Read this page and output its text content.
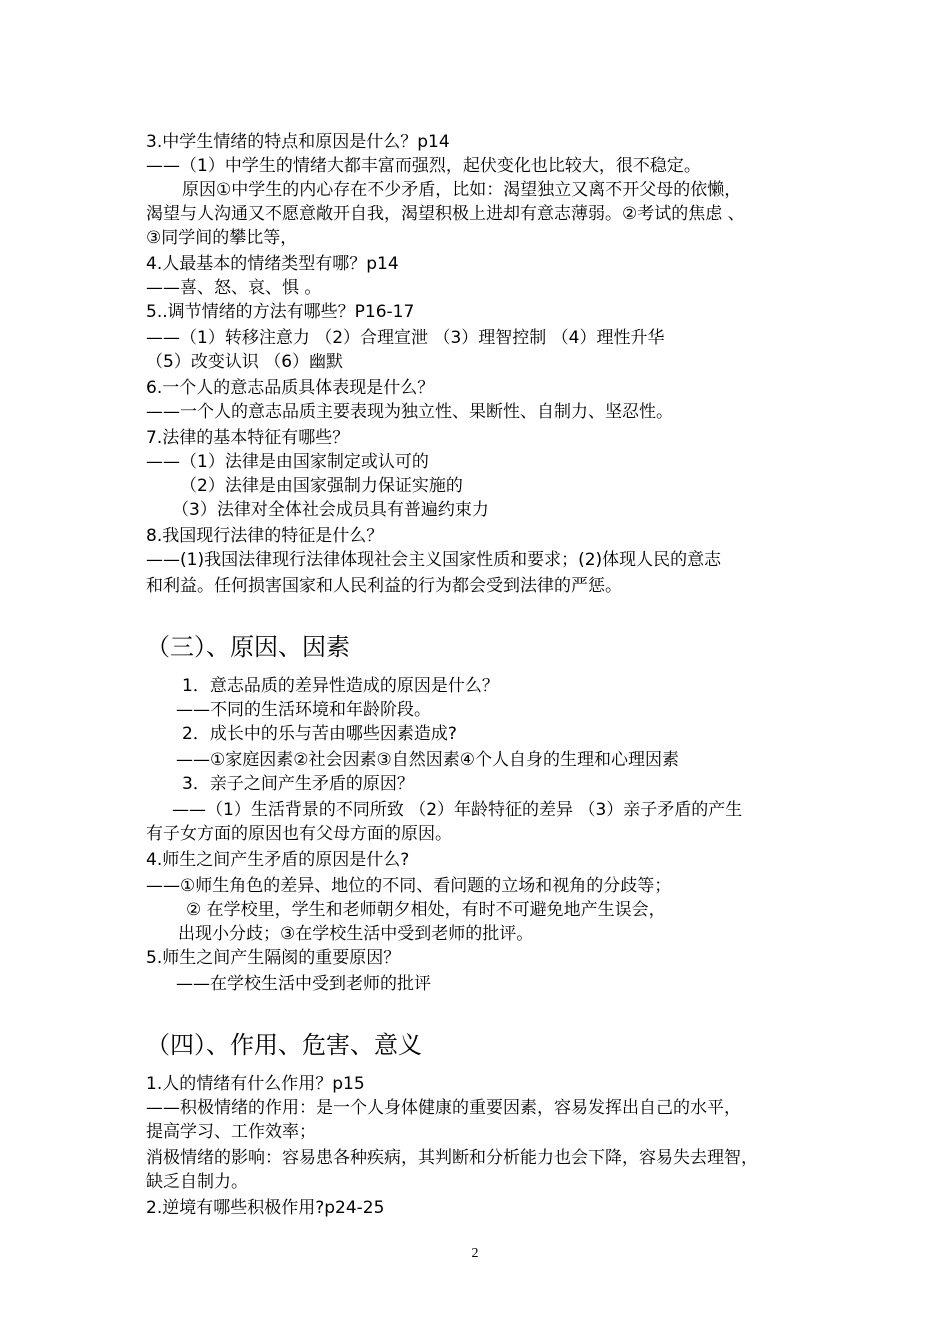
3.中学生情绪的特点和原因是什么？p14
——（1）中学生的情绪大都丰富而强烈，起伏变化也比较大，很不稳定。
原因①中学生的内心存在不少矛盾，比如：渴望独立又离不开父母的依懒，
渴望与人沟通又不愿意敞开自我，渴望积极上进却有意志薄弱。②考试的焦虑 、
③同学间的攀比等，
4.人最基本的情绪类型有哪？p14
——喜、怒、哀、惧 。
5..调节情绪的方法有哪些？P16-17
——（1）转移注意力 （2）合理宣泄 （3）理智控制 （4）理性升华
（5）改变认识 （6）幽默
6.一个人的意志品质具体表现是什么？
——一个人的意志品质主要表现为独立性、果断性、自制力、坚忍性。
7.法律的基本特征有哪些？
——（1）法律是由国家制定或认可的
（2）法律是由国家强制力保证实施的
（3）法律对全体社会成员具有普遍约束力
8.我国现行法律的特征是什么？
——(1)我国法律现行法律体现社会主义国家性质和要求；(2)体现人民的意志
和利益。任何损害国家和人民利益的行为都会受到法律的严惩。
（三）、原因、因素
1．意志品质的差异性造成的原因是什么？
——不同的生活环境和年龄阶段。
2．成长中的乐与苦由哪些因素造成?
——①家庭因素②社会因素③自然因素④个人自身的生理和心理因素
3．亲子之间产生矛盾的原因？
——（1）生活背景的不同所致 （2）年龄特征的差异 （3）亲子矛盾的产生
有子女方面的原因也有父母方面的原因。
4.师生之间产生矛盾的原因是什么?
——①师生角色的差异、地位的不同、看问题的立场和视角的分歧等；
② 在学校里，学生和老师朝夕相处，有时不可避免地产生误会，
出现小分歧；③在学校生活中受到老师的批评。
5.师生之间产生隔阂的重要原因？
——在学校生活中受到老师的批评
（四）、作用、危害、意义
1.人的情绪有什么作用？p15
——积极情绪的作用：是一个人身体健康的重要因素，容易发挥出自己的水平，
提高学习、工作效率；
消极情绪的影响：容易患各种疾病，其判断和分析能力也会下降，容易失去理智，
缺乏自制力。
2.逆境有哪些积极作用?p24-25
2
